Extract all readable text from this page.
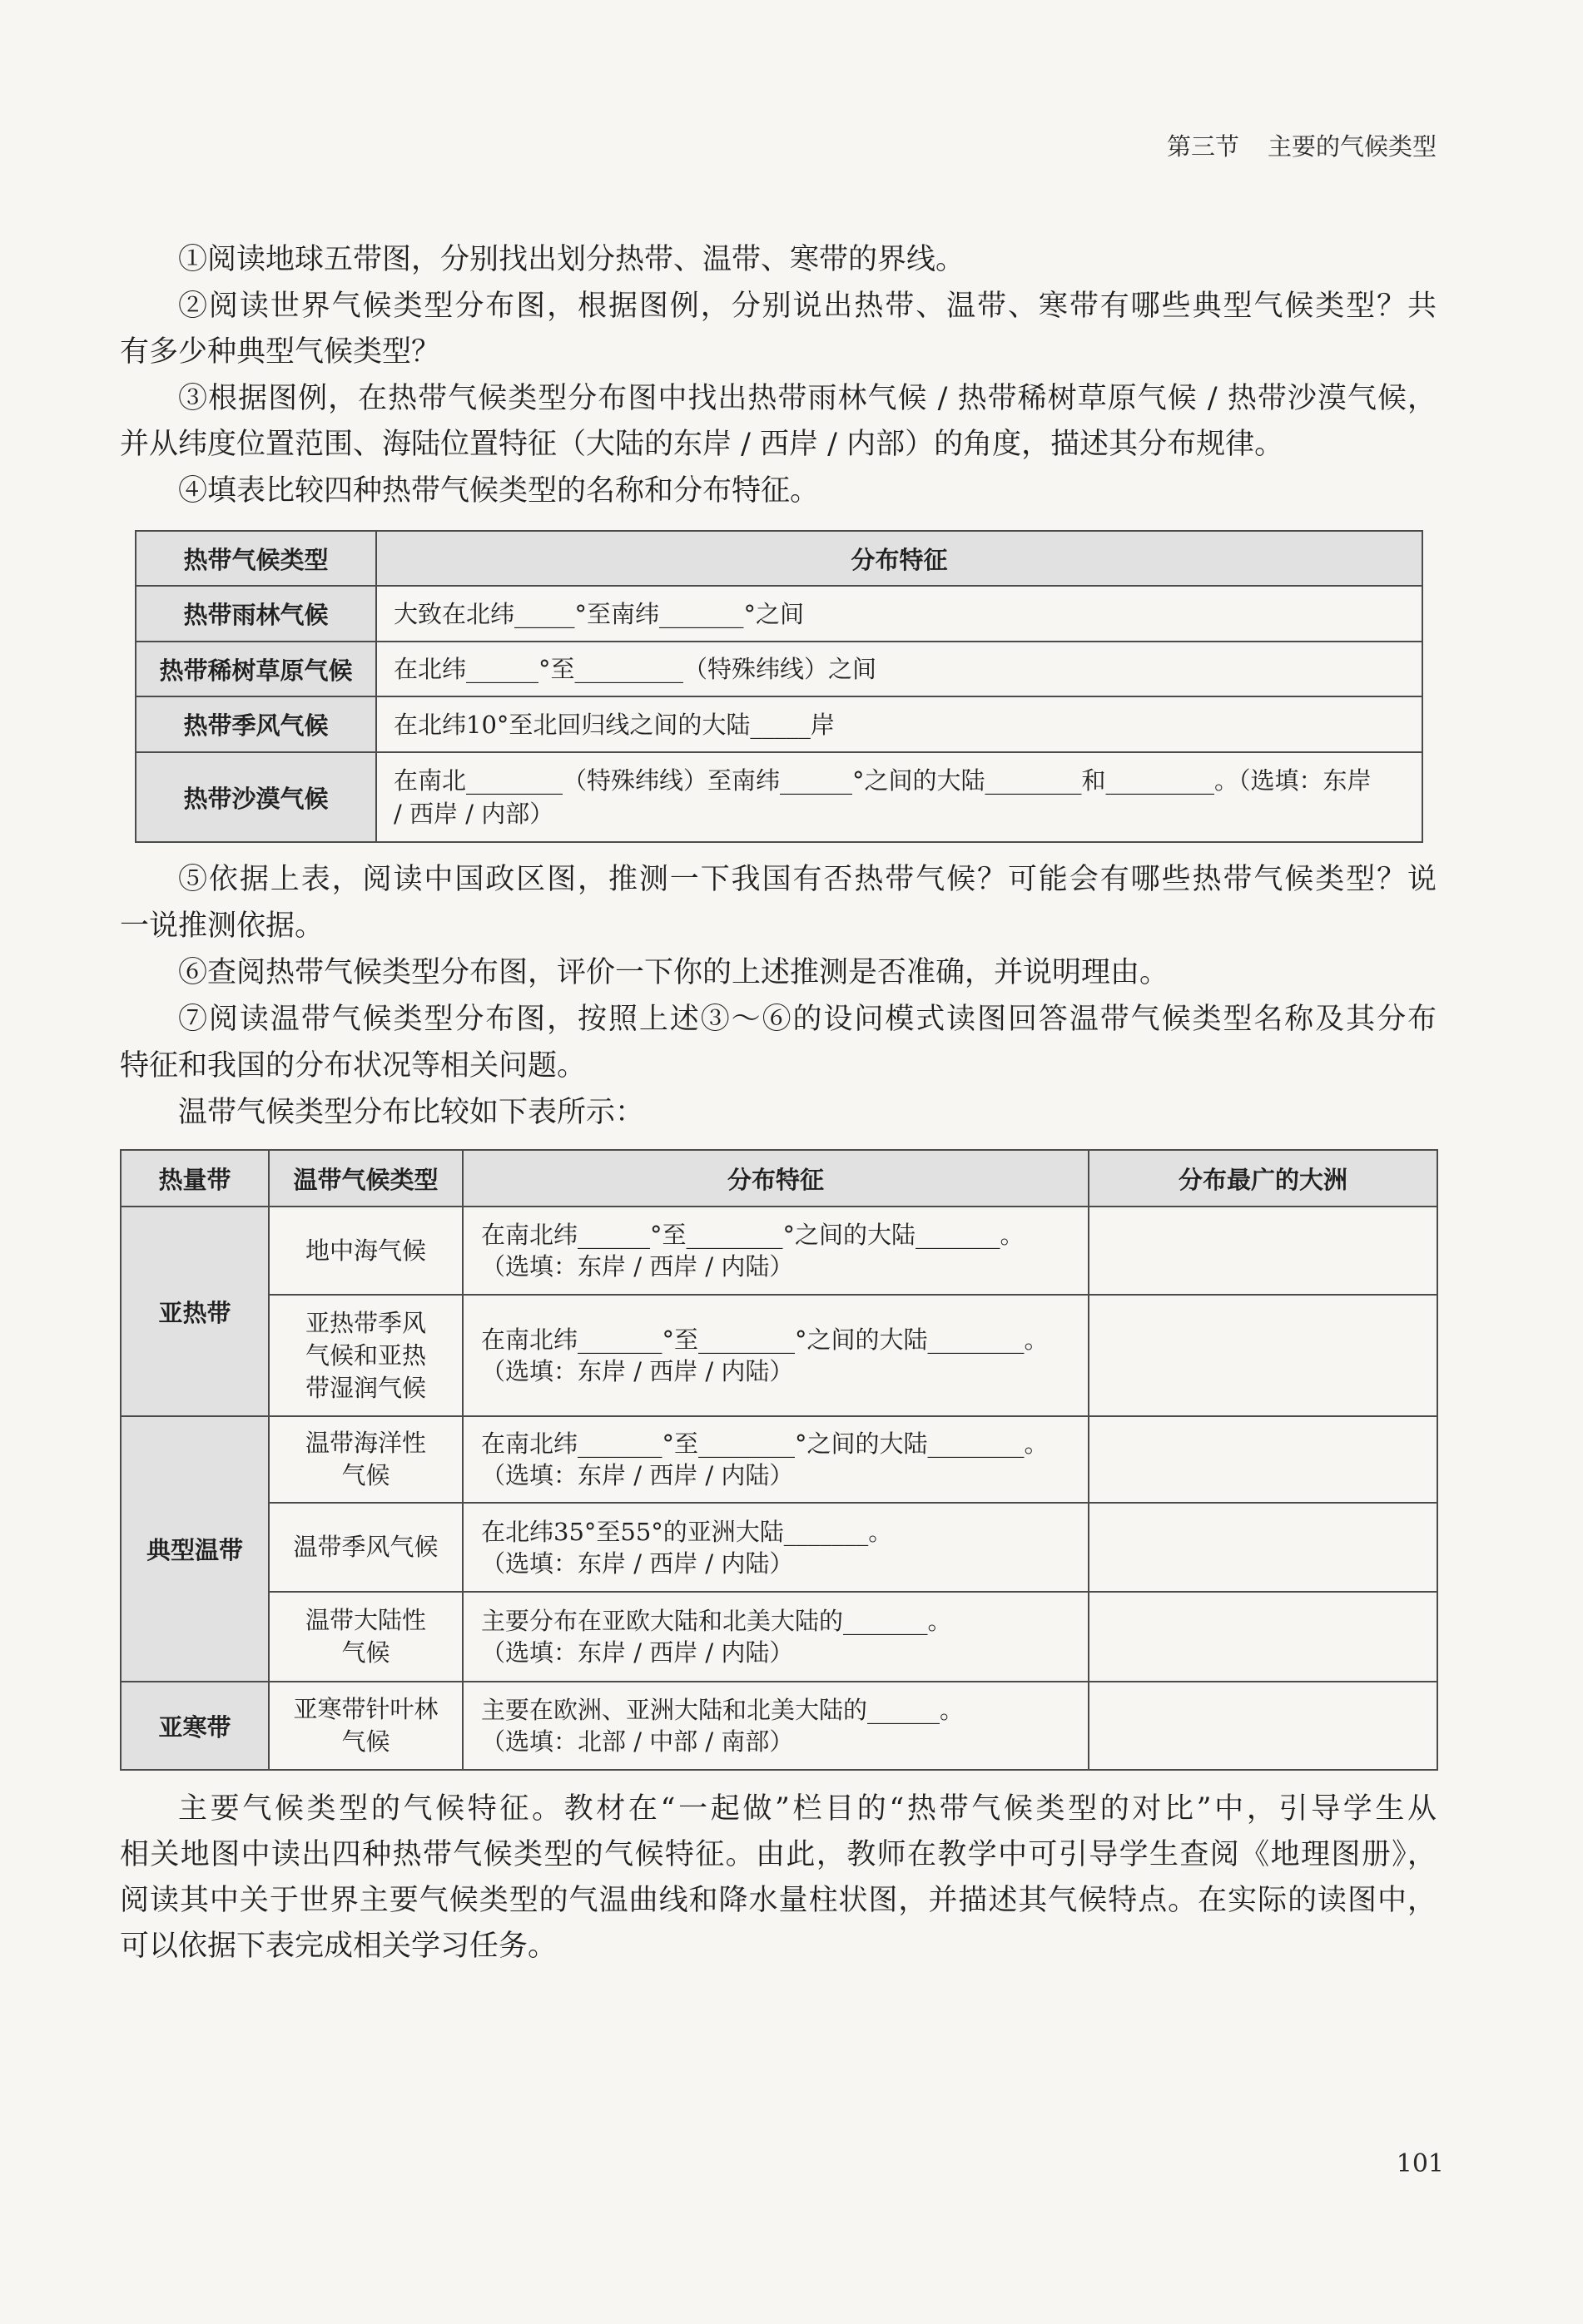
第三节 主要的气候类型
①阅读地球五带图，分别找出划分热带、温带、寒带的界线。
②阅读世界气候类型分布图，根据图例，分别说出热带、温带、寒带有哪些典型气候类型？共
有多少种典型气候类型？
③根据图例，在热带气候类型分布图中找出热带雨林气候 / 热带稀树草原气候 / 热带沙漠气候，
并从纬度位置范围、海陆位置特征（大陆的东岸 / 西岸 / 内部）的角度，描述其分布规律。
④填表比较四种热带气候类型的名称和分布特征。
热带气候类型	分布特征
热带雨林气候	大致在北纬_____°至南纬_______°之间

热带稀树草原气候	在北纬______°至_________（特殊纬线）之间

热带季风气候	在北纬10°至北回归线之间的大陆_____岸

热带沙漠气候	在南北________（特殊纬线）至南纬______°之间的大陆________和_________。（选填：东岸
/ 西岸 / 内部）
⑤依据上表，阅读中国政区图，推测一下我国有否热带气候？可能会有哪些热带气候类型？说
一说推测依据。
⑥查阅热带气候类型分布图，评价一下你的上述推测是否准确，并说明理由。
⑦阅读温带气候类型分布图，按照上述③～⑥的设问模式读图回答温带气候类型名称及其分布
特征和我国的分布状况等相关问题。
温带气候类型分布比较如下表所示：
热量带	温带气候类型	分布特征	分布最广的大洲
亚热带	地中海气候	在南北纬______°至________°之间的大陆_______。
（选填：东岸 / 西岸 / 内陆）	

	亚热带季风
气候和亚热
带湿润气候	在南北纬_______°至________°之间的大陆________。
（选填：东岸 / 西岸 / 内陆）	

典型温带	温带海洋性
气候	在南北纬_______°至________°之间的大陆________。
（选填：东岸 / 西岸 / 内陆）	

	温带季风气候	在北纬35°至55°的亚洲大陆_______。
（选填：东岸 / 西岸 / 内陆）	

	温带大陆性
气候	主要分布在亚欧大陆和北美大陆的_______。
（选填：东岸 / 西岸 / 内陆）	

亚寒带	亚寒带针叶林
气候	主要在欧洲、亚洲大陆和北美大陆的______。
（选填：北部 / 中部 / 南部）	

主要气候类型的气候特征。教材在“一起做”栏目的“热带气候类型的对比”中，引导学生从
相关地图中读出四种热带气候类型的气候特征。由此，教师在教学中可引导学生查阅《地理图册》，
阅读其中关于世界主要气候类型的气温曲线和降水量柱状图，并描述其气候特点。在实际的读图中，
可以依据下表完成相关学习任务。
101
